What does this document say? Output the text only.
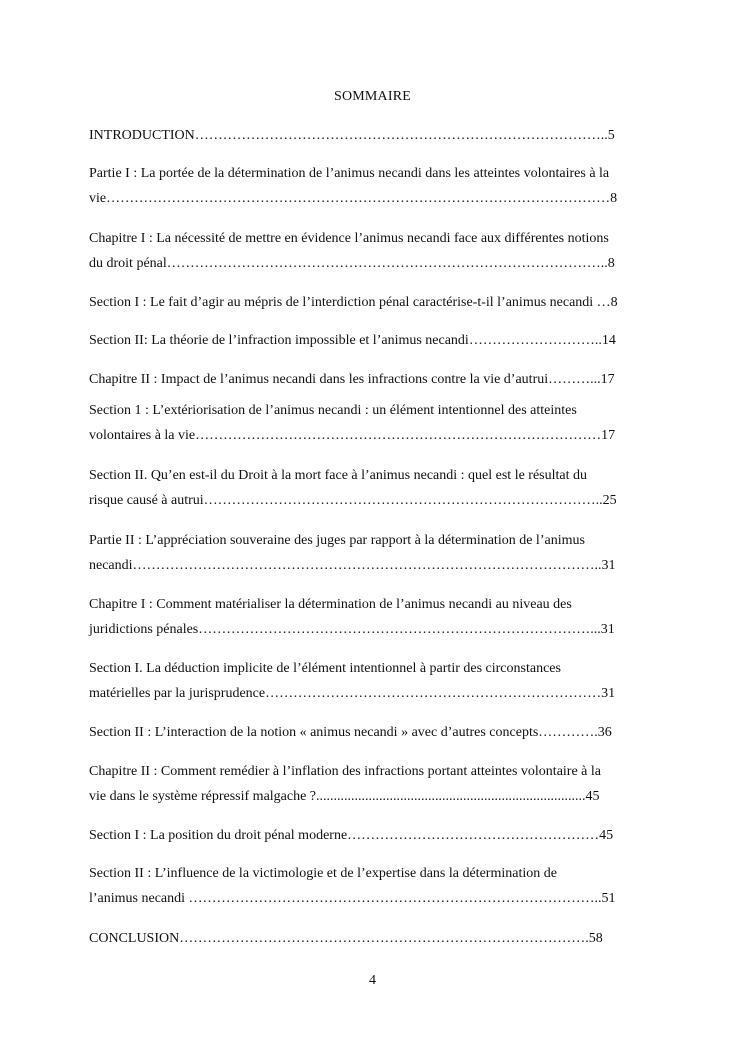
SOMMAIRE
INTRODUCTION……………………………………………………………………………..5
Partie I : La portée de la détermination de l’animus necandi dans les atteintes volontaires à la
vie………………………………………………………………………………………………8
Chapitre I : La nécessité de mettre en évidence l’animus necandi face aux différentes notions
du droit pénal…………………………………………………………………………………..8
Section I : Le fait d’agir au mépris de l’interdiction pénal caractérise-t-il l’animus necandi …8
Section II: La théorie de l’infraction impossible et l’animus necandi………………………..14
Chapitre II : Impact de l’animus necandi dans les infractions contre la vie d’autrui………...17
Section 1 : L’extériorisation de l’animus necandi : un élément intentionnel des atteintes
volontaires à la vie……………………………………………………………………………17
Section II. Qu’en est-il du Droit à la mort face à l’animus necandi : quel est le résultat du
risque causé à autrui…………………………………………………………………………..25
Partie II : L’appréciation souveraine des juges par rapport à la détermination de l’animus
necandi………………………………………………………………………………………..31
Chapitre I : Comment matérialiser la détermination de l’animus necandi au niveau des
juridictions pénales…………………………………………………………………………...31
Section I. La déduction implicite de l’élément intentionnel à partir des circonstances
matérielles par la jurisprudence………………………………………………………………31
Section II : L’interaction de la notion « animus necandi » avec d’autres concepts………….36
Chapitre II : Comment remédier à l’inflation des infractions portant atteintes volontaire à la
vie dans le système répressif malgache ?.............................................................................45
Section I : La position du droit pénal moderne………………………………………………45
Section II : L’influence de la victimologie et de l’expertise dans la détermination de
l’animus necandi ……………………………………………………………………………..51
CONCLUSION…………………………………………………………………………….58
4
